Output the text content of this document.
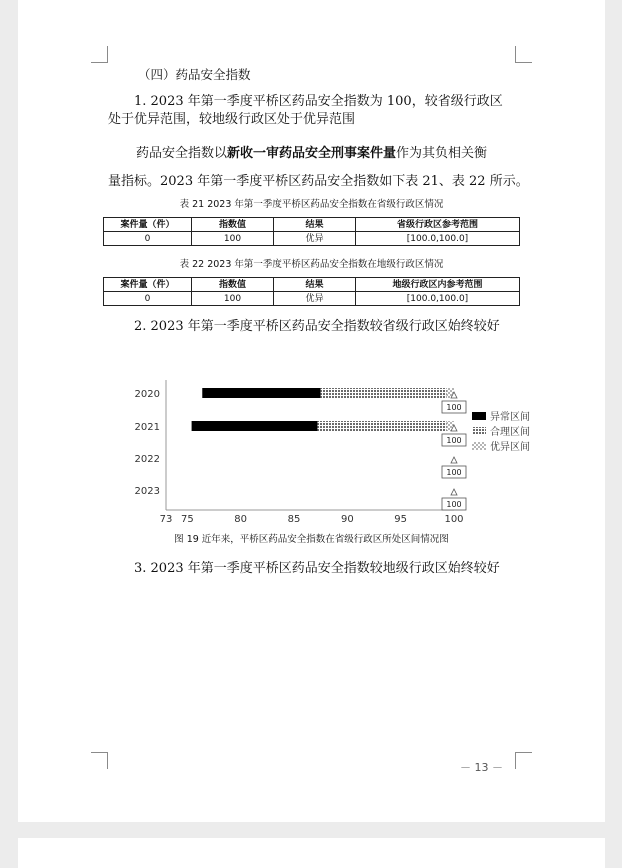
（四）药品安全指数
1. 2023 年第一季度平桥区药品安全指数为 100，较省级行政区
处于优异范围，较地级行政区处于优异范围
药品安全指数以新收一审药品安全刑事案件量作为其负相关衡
量指标。2023 年第一季度平桥区药品安全指数如下表 21、表 22 所示。
表 21 2023 年第一季度平桥区药品安全指数在省级行政区情况
案件量（件）	指数值	结果	省级行政区参考范围
0	100	优异	[100.0,100.0]
表 22 2023 年第一季度平桥区药品安全指数在地级行政区情况
案件量（件）	指数值	结果	地级行政区内参考范围
0	100	优异	[100.0,100.0]
2. 2023 年第一季度平桥区药品安全指数较省级行政区始终较好
2020
2021
2022
2023
73 75	80	85	90	95	100
100
100
100
100
异常区间
合理区间
优异区间
图 19 近年来，平桥区药品安全指数在省级行政区所处区间情况图
3. 2023 年第一季度平桥区药品安全指数较地级行政区始终较好
－ 13 －
